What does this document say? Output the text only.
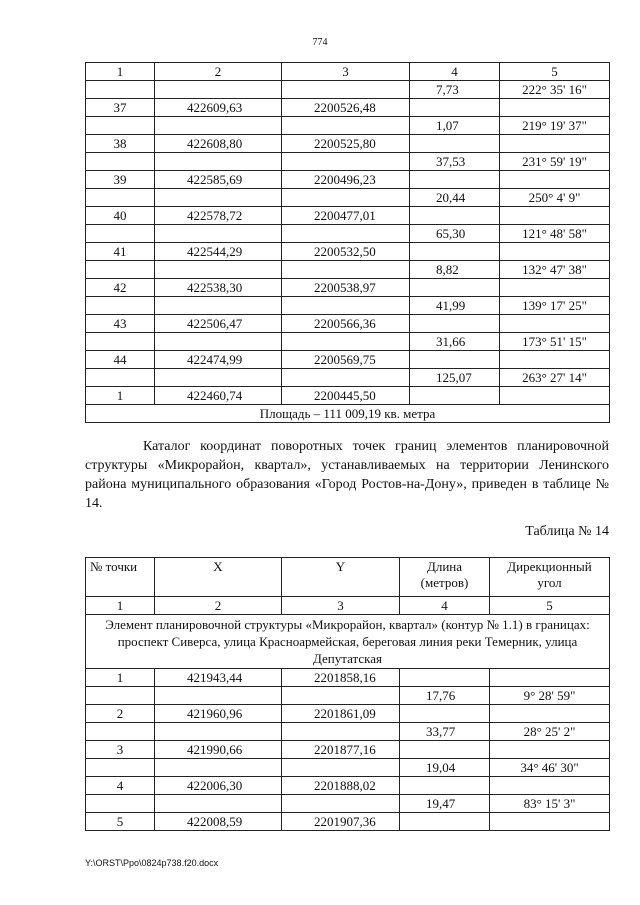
774
1	2	3	4	5
			7,73	222° 35' 16"
37	422609,63	2200526,48		
			1,07	219° 19' 37"
38	422608,80	2200525,80		
			37,53	231° 59' 19"
39	422585,69	2200496,23		
			20,44	250° 4' 9"
40	422578,72	2200477,01		
			65,30	121° 48' 58"
41	422544,29	2200532,50		
			8,82	132° 47' 38"
42	422538,30	2200538,97		
			41,99	139° 17' 25"
43	422506,47	2200566,36		
			31,66	173° 51' 15"
44	422474,99	2200569,75		
			125,07	263° 27' 14"
1	422460,74	2200445,50		
Площадь – 111 009,19 кв. метра				
Каталог координат поворотных точек границ элементов планировочной структуры «Микрорайон, квартал», устанавливаемых на территории Ленинского района муниципального образования «Город Ростов-на-Дону», приведен в таблице № 14.
Таблица № 14
№ точки	X	Y	Длина (метров)	Дирекционный угол
1	2	3	4	5
Элемент планировочной структуры «Микрорайон, квартал» (контур № 1.1) в границах: проспект Сиверса, улица Красноармейская, береговая линия реки Темерник, улица Депутатская				
1	421943,44	2201858,16		
			17,76	9° 28' 59"
2	421960,96	2201861,09		
			33,77	28° 25' 2"
3	421990,66	2201877,16		
			19,04	34° 46' 30"
4	422006,30	2201888,02		
			19,47	83° 15' 3"
5	422008,59	2201907,36		
Y:\ORST\Ppo\0824p738.f20.docx
